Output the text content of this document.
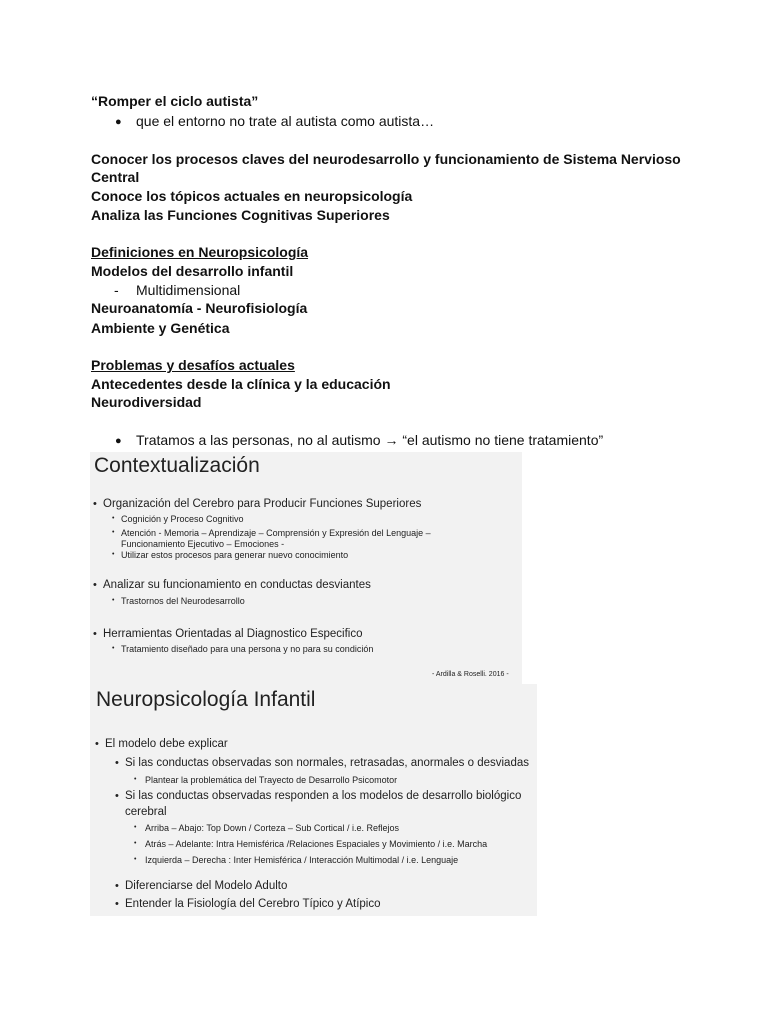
“Romper el ciclo autista”
● que el entorno no trate al autista como autista…
Conocer los procesos claves del neurodesarrollo y funcionamiento de Sistema Nervioso
Central
Conoce los tópicos actuales en neuropsicología
Analiza las Funciones Cognitivas Superiores
Definiciones en Neuropsicología
Modelos del desarrollo infantil
- Multidimensional
Neuroanatomía - Neurofisiología
Ambiente y Genética
Problemas y desafíos actuales
Antecedentes desde la clínica y la educación
Neurodiversidad
● Tratamos a las personas, no al autismo → “el autismo no tiene tratamiento”
Contextualización
• Organización del Cerebro para Producir Funciones Superiores
• Cognición y Proceso Cognitivo
• Atención - Memoria – Aprendizaje – Comprensión y Expresión del Lenguaje –
Funcionamiento Ejecutivo – Emociones -
• Utilizar estos procesos para generar nuevo conocimiento
• Analizar su funcionamiento en conductas desviantes
• Trastornos del Neurodesarrollo
• Herramientas Orientadas al Diagnostico Especifico
• Tratamiento diseñado para una persona y no para su condición
- Ardilla & Roselli. 2016 -
Neuropsicología Infantil
• El modelo debe explicar
• Si las conductas observadas son normales, retrasadas, anormales o desviadas
• Plantear la problemática del Trayecto de Desarrollo Psicomotor
• Si las conductas observadas responden a los modelos de desarrollo biológico
cerebral
• Arriba – Abajo: Top Down / Corteza – Sub Cortical / i.e. Reflejos
• Atrás – Adelante: Intra Hemisférica /Relaciones Espaciales y Movimiento / i.e. Marcha
• Izquierda – Derecha : Inter Hemisférica / Interacción Multimodal / i.e. Lenguaje
• Diferenciarse del Modelo Adulto
• Entender la Fisiología del Cerebro Típico y Atípico
